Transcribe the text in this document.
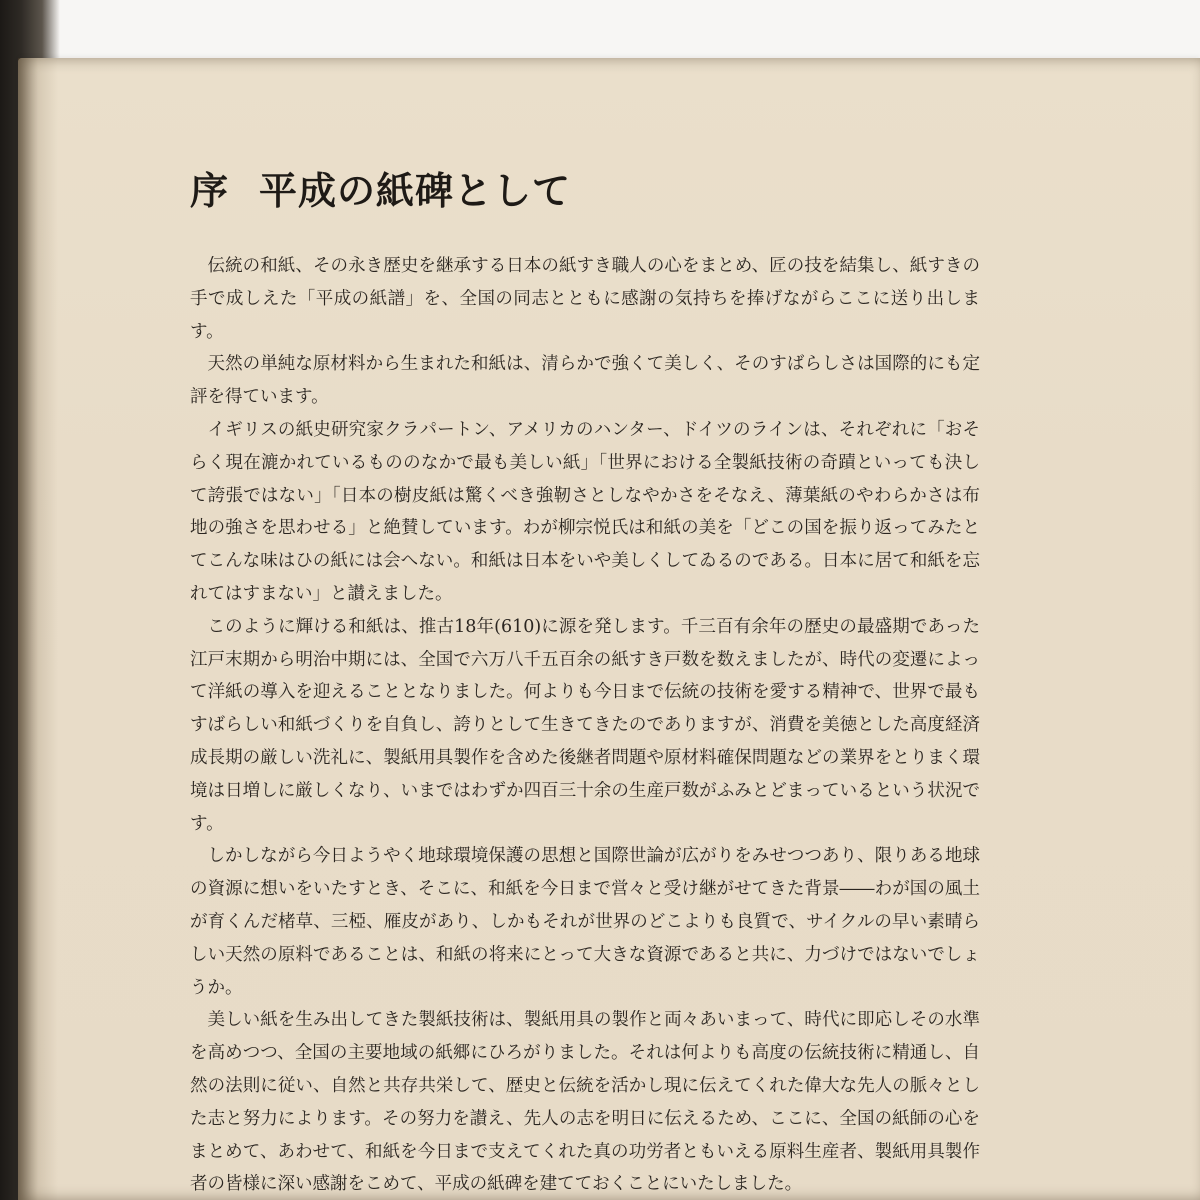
序 平成の紙碑として

伝統の和紙、その永き歴史を継承する日本の紙すき職人の心をまとめ、匠の技を結集し、紙すきの手で成しえた「平成の紙譜」を、全国の同志とともに感謝の気持ちを捧げながらここに送り出します。

天然の単純な原材料から生まれた和紙は、清らかで強くて美しく、そのすばらしさは国際的にも定評を得ています。

イギリスの紙史研究家クラパートン、アメリカのハンター、ドイツのラインは、それぞれに「おそらく現在漉かれているもののなかで最も美しい紙」「世界における全製紙技術の奇蹟といっても決して誇張ではない」「日本の樹皮紙は驚くべき強靭さとしなやかさをそなえ、薄葉紙のやわらかさは布地の強さを思わせる」と絶賛しています。わが柳宗悦氏は和紙の美を「どこの国を振り返ってみたとてこんな味はひの紙には会へない。和紙は日本をいや美しくしてゐるのである。日本に居て和紙を忘れてはすまない」と讃えました。

このように輝ける和紙は、推古18年(610)に源を発します。千三百有余年の歴史の最盛期であった江戸末期から明治中期には、全国で六万八千五百余の紙すき戸数を数えましたが、時代の変遷によって洋紙の導入を迎えることとなりました。何よりも今日まで伝統の技術を愛する精神で、世界で最もすばらしい和紙づくりを自負し、誇りとして生きてきたのでありますが、消費を美徳とした高度経済成長期の厳しい洗礼に、製紙用具製作を含めた後継者問題や原材料確保問題などの業界をとりまく環境は日増しに厳しくなり、いまではわずか四百三十余の生産戸数がふみとどまっているという状況です。

しかしながら今日ようやく地球環境保護の思想と国際世論が広がりをみせつつあり、限りある地球の資源に想いをいたすとき、そこに、和紙を今日まで営々と受け継がせてきた背景――わが国の風土が育くんだ楮草、三椏、雁皮があり、しかもそれが世界のどこよりも良質で、サイクルの早い素晴らしい天然の原料であることは、和紙の将来にとって大きな資源であると共に、力づけではないでしょうか。

美しい紙を生み出してきた製紙技術は、製紙用具の製作と両々あいまって、時代に即応しその水準を高めつつ、全国の主要地域の紙郷にひろがりました。それは何よりも高度の伝統技術に精通し、自然の法則に従い、自然と共存共栄して、歴史と伝統を活かし現に伝えてくれた偉大な先人の脈々とした志と努力によります。その努力を讃え、先人の志を明日に伝えるため、ここに、全国の紙師の心をまとめて、あわせて、和紙を今日まで支えてくれた真の功労者ともいえる原料生産者、製紙用具製作者の皆様に深い感謝をこめて、平成の紙碑を建てておくことにいたしました。
